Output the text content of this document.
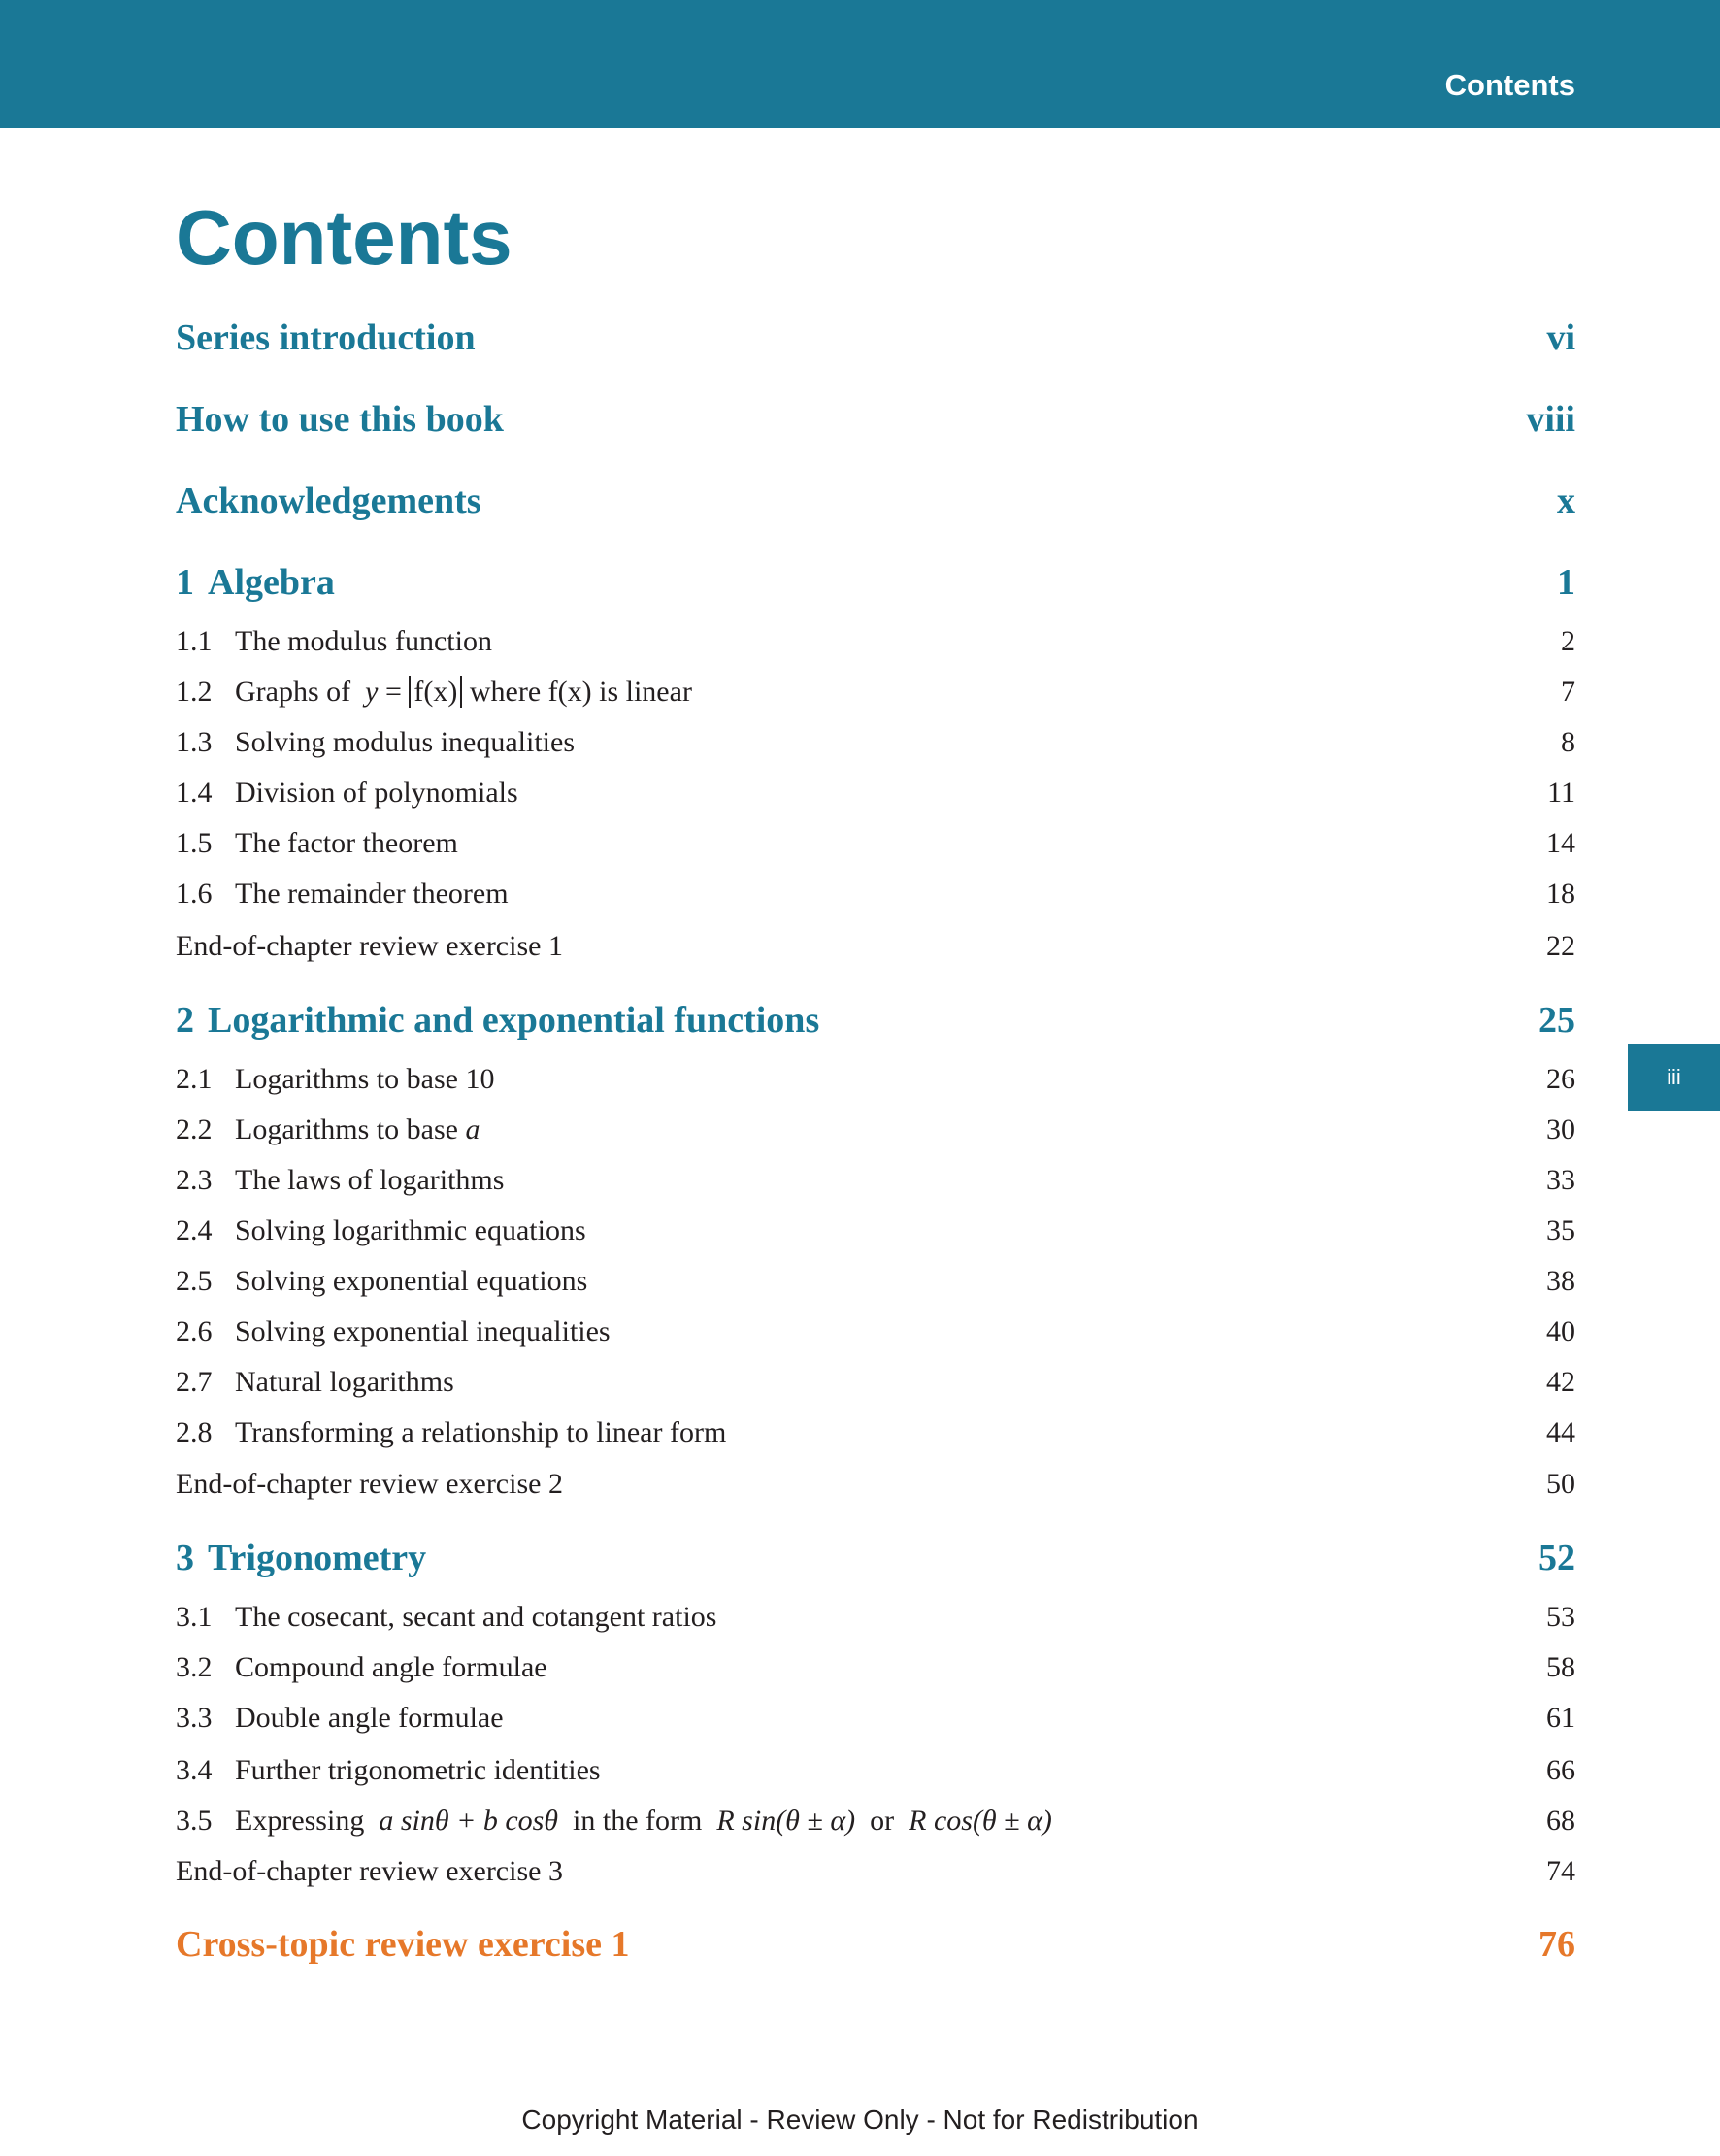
Contents
Contents
Series introduction	vi
How to use this book	viii
Acknowledgements	x
1 Algebra	1
1.1 The modulus function	2
1.2 Graphs of y = f(x) where f(x) is linear	7
1.3 Solving modulus inequalities	8
1.4 Division of polynomials	11
1.5 The factor theorem	14
1.6 The remainder theorem	18
End-of-chapter review exercise 1	22
2 Logarithmic and exponential functions	25
2.1 Logarithms to base 10	26
2.2 Logarithms to base a	30
2.3 The laws of logarithms	33
2.4 Solving logarithmic equations	35
2.5 Solving exponential equations	38
2.6 Solving exponential inequalities	40
2.7 Natural logarithms	42
2.8 Transforming a relationship to linear form	44
End-of-chapter review exercise 2	50
3 Trigonometry	52
3.1 The cosecant, secant and cotangent ratios	53
3.2 Compound angle formulae	58
3.3 Double angle formulae	61
3.4 Further trigonometric identities	66
3.5 Expressing a sinθ + b cosθ in the form R sin(θ ± α) or R cos(θ ± α)	68
End-of-chapter review exercise 3	74
Cross-topic review exercise 1	76
iii
Copyright Material - Review Only - Not for Redistribution
